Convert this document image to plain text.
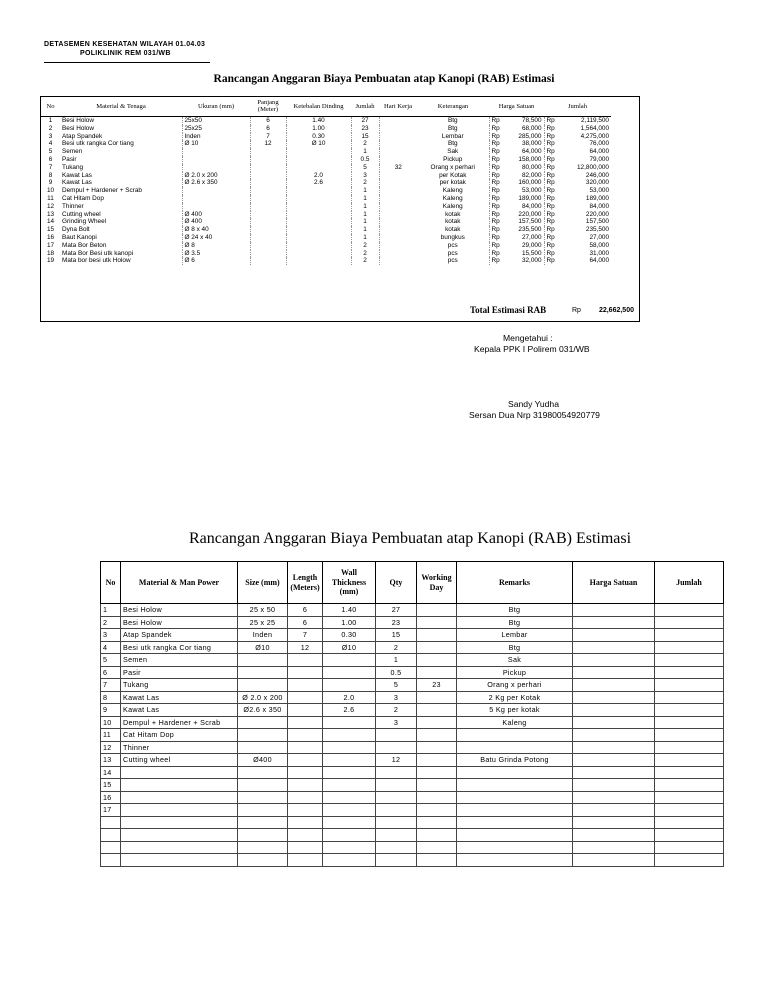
DETASEMEN KESEHATAN WILAYAH 01.04.03
POLIKLINIK REM 031/WB
Rancangan Anggaran Biaya Pembuatan atap Kanopi (RAB) Estimasi
No	Material & Tenaga	Ukuran (mm)	Panjang (Meter)	Ketebalan Dinding	Jumlah	Hari Kerja	Keterangan	Harga Satuan		Jumlah	
1	Besi Holow	25x50	6	1.40	27		Btg	Rp	78,500	Rp	2,119,500
2	Besi Holow	25x25	6	1.00	23		Btg	Rp	68,000	Rp	1,564,000
3	Atap Spandek	Inden	7	0.30	15		Lembar	Rp	285,000	Rp	4,275,000
4	Besi utk rangka Cor tiang	Ø 10	12	Ø 10	2		Btg	Rp	38,000	Rp	76,000
5	Semen				1		Sak	Rp	64,000	Rp	64,000
6	Pasir				0.5		Pickup	Rp	158,000	Rp	79,000
7	Tukang				5	32	Orang x perhari	Rp	80,000	Rp	12,800,000
8	Kawat Las	Ø 2.0 x 200		2.0	3		per Kotak	Rp	82,000	Rp	246,000
9	Kawat Las	Ø 2.6 x 350		2.6	2		per kotak	Rp	160,000	Rp	320,000
10	Dempul + Hardener + Scrab				1		Kaleng	Rp	53,000	Rp	53,000
11	Cat Hitam Dop				1		Kaleng	Rp	189,000	Rp	189,000
12	Thinner				1		Kaleng	Rp	84,000	Rp	84,000
13	Cutting wheel	Ø 400			1		kotak	Rp	220,000	Rp	220,000
14	Grinding Wheel	Ø 400			1		kotak	Rp	157,500	Rp	157,500
15	Dyna Bolt	Ø 8 x 40			1		kotak	Rp	235,500	Rp	235,500
16	Baut Kanopi	Ø 24 x 40			1		bungkus	Rp	27,000	Rp	27,000
17	Mata Bor Beton	Ø 8			2		pcs	Rp	29,000	Rp	58,000
18	Mata Bor Besi utk kanopi	Ø 3.5			2		pcs	Rp	15,500	Rp	31,000
19	Mata bor besi utk Holow	Ø 6			2		pcs	Rp	32,000	Rp	64,000
Total Estimasi RAB	Rp	22,662,500
Mengetahui :
Kepala PPK I Polirem 031/WB
Sandy Yudha
Sersan Dua Nrp 31980054920779
Rancangan Anggaran Biaya Pembuatan atap Kanopi (RAB) Estimasi
No	Material & Man Power	Size (mm)	Length (Meters)	Wall Thickness (mm)	Qty	Working Day	Remarks	Harga Satuan	Jumlah
1	Besi Holow	25 x 50	6	1.40	27		Btg		
2	Besi Holow	25 x 25	6	1.00	23		Btg		
3	Atap Spandek	Inden	7	0.30	15		Lembar		
4	Besi utk rangka Cor tiang	Ø10	12	Ø10	2		Btg		
5	Semen				1		Sak		
6	Pasir				0.5		Pickup		
7	Tukang				5	23	Orang x perhari		
8	Kawat Las	Ø 2.0 x 200		2.0	3		2 Kg per Kotak		
9	Kawat Las	Ø2.6 x 350		2.6	2		5 Kg per kotak		
10	Dempul + Hardener + Scrab				3		Kaleng		
11	Cat Hitam Dop								
12	Thinner								
13	Cutting wheel	Ø400			12		Batu Grinda Potong		
14									
15									
16									
17									
